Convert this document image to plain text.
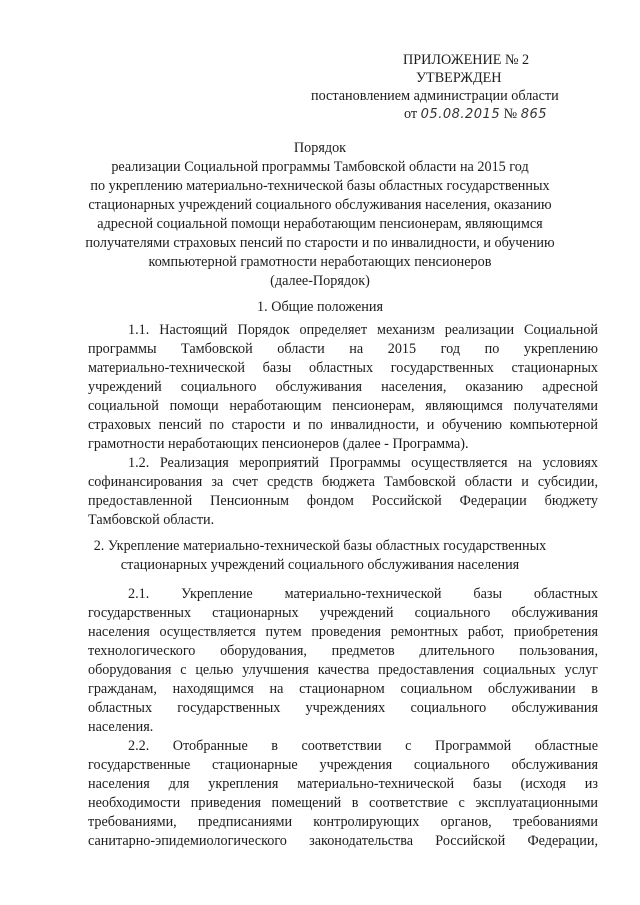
ПРИЛОЖЕНИЕ № 2
УТВЕРЖДЕН
постановлением администрации области
от 05.08.2015 № 865
Порядок
реализации Социальной программы Тамбовской области на 2015 год
по укреплению материально-технической базы областных государственных
стационарных учреждений социального обслуживания населения, оказанию
адресной социальной помощи неработающим пенсионерам, являющимся
получателями страховых пенсий по старости и по инвалидности, и обучению
компьютерной грамотности неработающих пенсионеров
(далее-Порядок)
1. Общие положения
1.1. Настоящий Порядок определяет механизм реализации Социальной
программы Тамбовской области на 2015 год по укреплению
материально-технической базы областных государственных стационарных
учреждений социального обслуживания населения, оказанию адресной
социальной помощи неработающим пенсионерам, являющимся получателями
страховых пенсий по старости и по инвалидности, и обучению компьютерной
грамотности неработающих пенсионеров (далее - Программа).
1.2. Реализация мероприятий Программы осуществляется на условиях
софинансирования за счет средств бюджета Тамбовской области и субсидии,
предоставленной Пенсионным фондом Российской Федерации бюджету
Тамбовской области.
2. Укрепление материально-технической базы областных государственных
стационарных учреждений социального обслуживания населения
2.1. Укрепление материально-технической базы областных
государственных стационарных учреждений социального обслуживания
населения осуществляется путем проведения ремонтных работ, приобретения
технологического оборудования, предметов длительного пользования,
оборудования с целью улучшения качества предоставления социальных услуг
гражданам, находящимся на стационарном социальном обслуживании в
областных государственных учреждениях социального обслуживания
населения.
2.2. Отобранные в соответствии с Программой областные
государственные стационарные учреждения социального обслуживания
населения для укрепления материально-технической базы (исходя из
необходимости приведения помещений в соответствие с эксплуатационными
требованиями, предписаниями контролирующих органов, требованиями
санитарно-эпидемиологического законодательства Российской Федерации,
